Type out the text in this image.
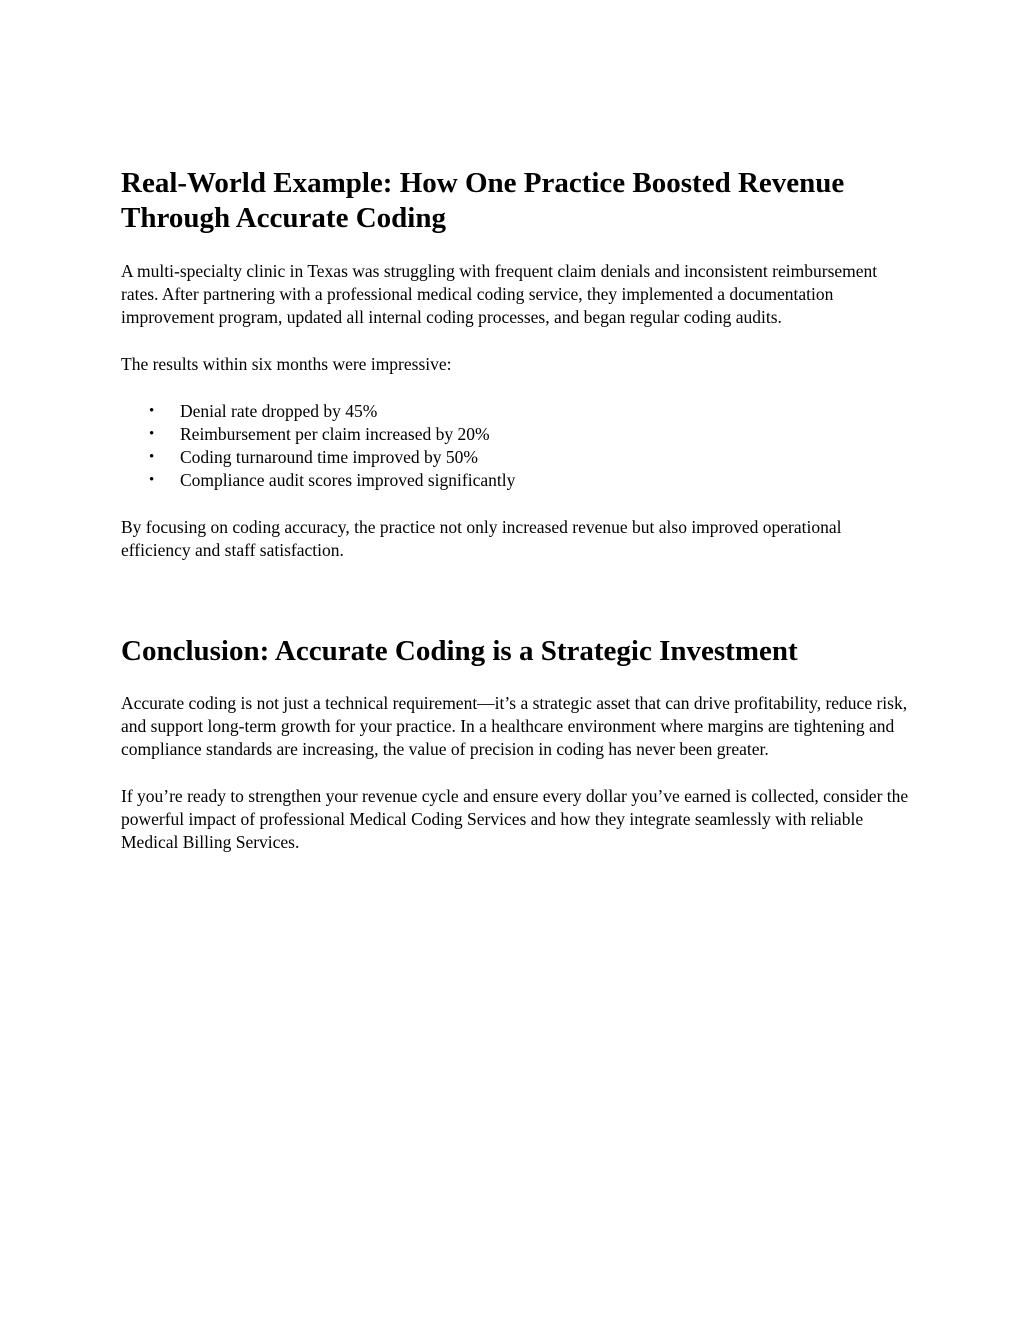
Real-World Example: How One Practice Boosted Revenue Through Accurate Coding

A multi-specialty clinic in Texas was struggling with frequent claim denials and inconsistent reimbursement rates. After partnering with a professional medical coding service, they implemented a documentation improvement program, updated all internal coding processes, and began regular coding audits.

The results within six months were impressive:

• Denial rate dropped by 45%
• Reimbursement per claim increased by 20%
• Coding turnaround time improved by 50%
• Compliance audit scores improved significantly

By focusing on coding accuracy, the practice not only increased revenue but also improved operational efficiency and staff satisfaction.

Conclusion: Accurate Coding is a Strategic Investment

Accurate coding is not just a technical requirement—it’s a strategic asset that can drive profitability, reduce risk, and support long-term growth for your practice. In a healthcare environment where margins are tightening and compliance standards are increasing, the value of precision in coding has never been greater.

If you’re ready to strengthen your revenue cycle and ensure every dollar you’ve earned is collected, consider the powerful impact of professional Medical Coding Services and how they integrate seamlessly with reliable Medical Billing Services.
